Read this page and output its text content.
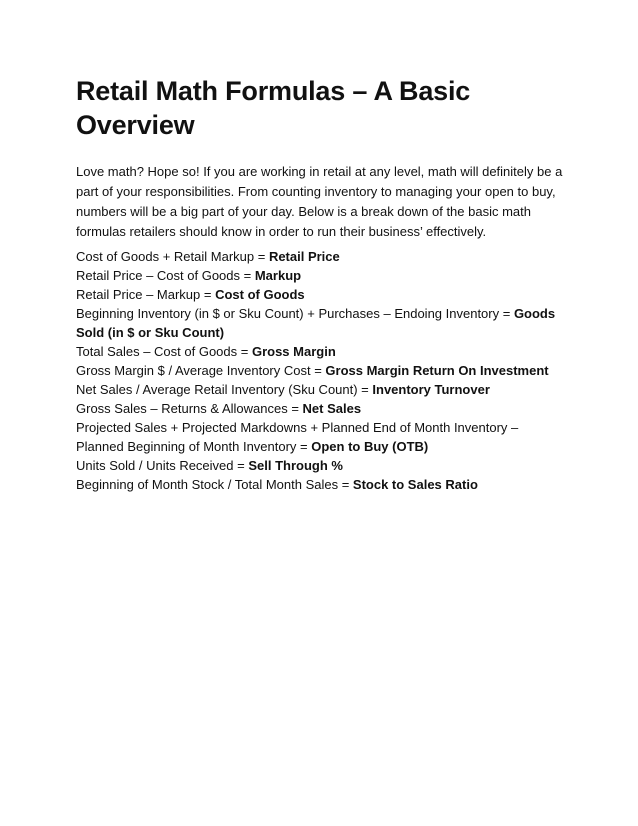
Retail Math Formulas – A Basic Overview

Love math? Hope so! If you are working in retail at any level, math will definitely be a part of your responsibilities. From counting inventory to managing your open to buy, numbers will be a big part of your day. Below is a break down of the basic math formulas retailers should know in order to run their business’ effectively.

Cost of Goods + Retail Markup = Retail Price

Retail Price – Cost of Goods = Markup

Retail Price – Markup = Cost of Goods

Beginning Inventory (in $ or Sku Count) + Purchases – Endoing Inventory = Goods Sold (in $ or Sku Count)

Total Sales – Cost of Goods = Gross Margin

Gross Margin $ / Average Inventory Cost = Gross Margin Return On Investment

Net Sales / Average Retail Inventory (Sku Count) = Inventory Turnover

Gross Sales – Returns & Allowances = Net Sales

Projected Sales + Projected Markdowns + Planned End of Month Inventory – Planned Beginning of Month Inventory = Open to Buy (OTB)

Units Sold / Units Received = Sell Through %

Beginning of Month Stock / Total Month Sales = Stock to Sales Ratio
